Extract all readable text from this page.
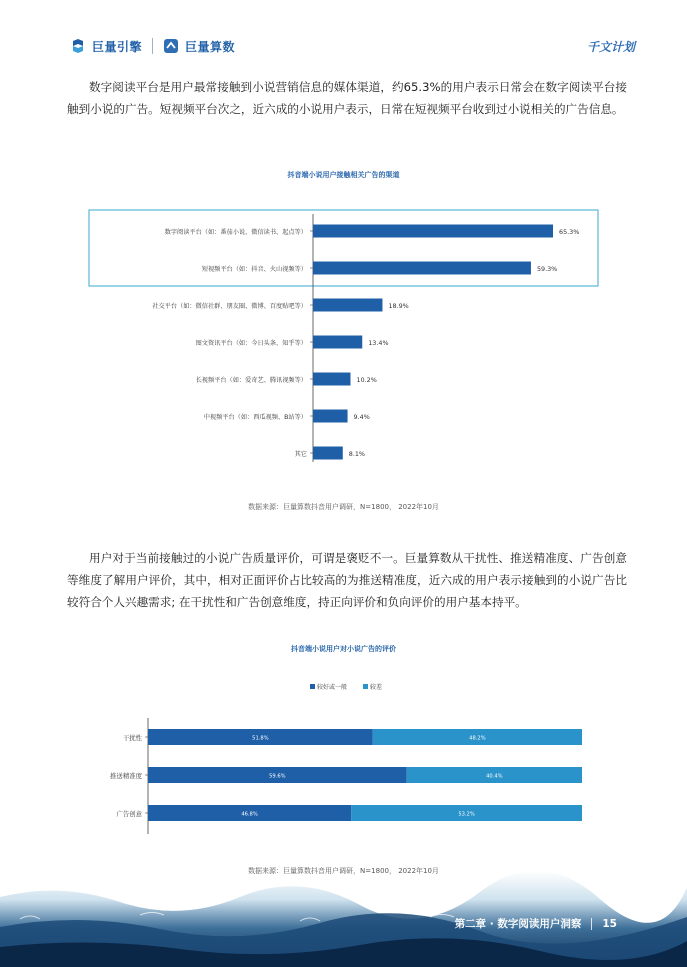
巨量引擎	巨量算数	千文计划

数字阅读平台是用户最常接触到小说营销信息的媒体渠道，约65.3%的用户表示日常会在数字阅读平台接触到小说的广告。短视频平台次之，近六成的小说用户表示，日常在短视频平台收到过小说相关的广告信息。

抖音端小说用户接触相关广告的渠道
数字阅读平台（如：番茄小说、微信读书、起点等）	65.3%
短视频平台（如：抖音、火山视频等）	59.3%
社交平台（如：微信社群、朋友圈、微博、百度贴吧等）	18.9%
图文资讯平台（如：今日头条、知乎等）	13.4%
长视频平台（如：爱奇艺、腾讯视频等）	10.2%
中视频平台（如：西瓜视频、B站等）	9.4%
其它	8.1%
数据来源：巨量算数抖音用户调研，N=1800， 2022年10月

用户对于当前接触过的小说广告质量评价，可谓是褒贬不一。巨量算数从干扰性、推送精准度、广告创意等维度了解用户评价，其中，相对正面评价占比较高的为推送精准度，近六成的用户表示接触到的小说广告比较符合个人兴趣需求; 在干扰性和广告创意维度，持正向评价和负向评价的用户基本持平。

抖音端小说用户对小说广告的评价
较好或一般	较差
干扰性	51.8%	48.2%
推送精准度	59.6%	40.4%
广告创意	46.8%	53.2%
数据来源：巨量算数抖音用户调研，N=1800， 2022年10月
第二章 · 数字阅读用户洞察 15
